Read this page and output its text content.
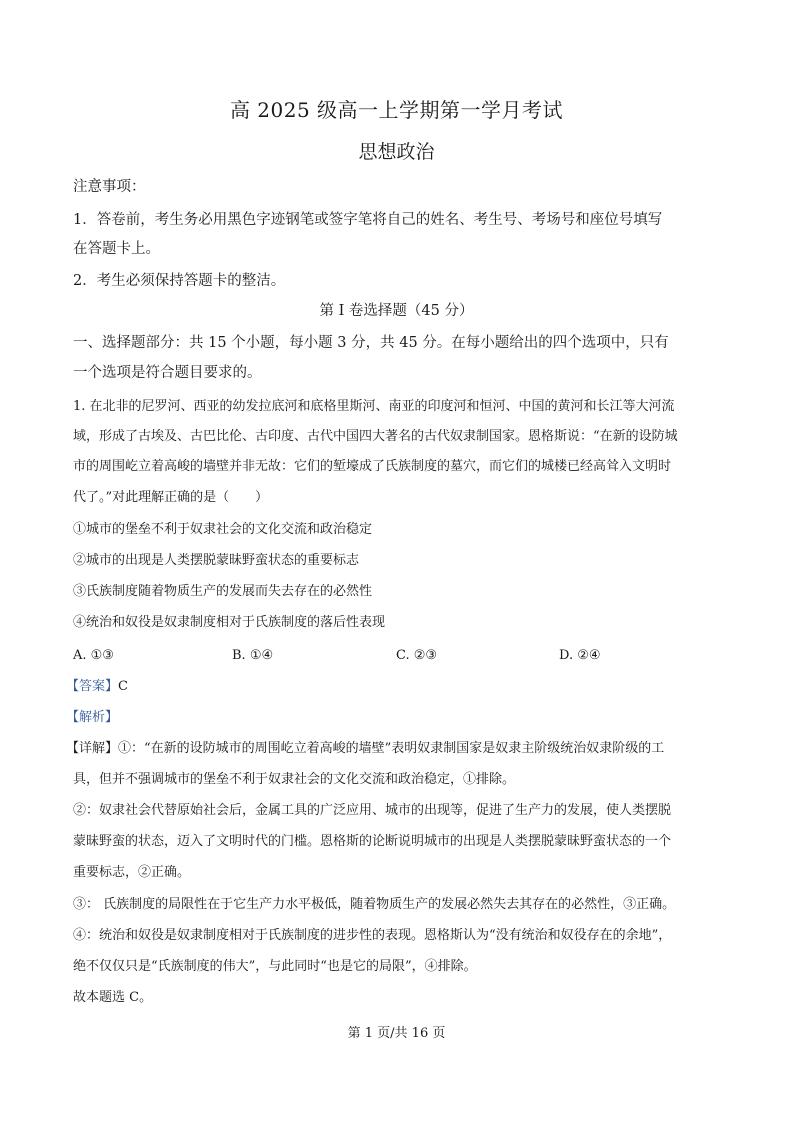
高 2025 级高一上学期第一学月考试
思想政治
注意事项：
1．答卷前，考生务必用黑色字迹钢笔或签字笔将自己的姓名、考生号、考场号和座位号填写
在答题卡上。
2．考生必须保持答题卡的整洁。
第 I 卷选择题（45 分）
一、选择题部分：共 15 个小题，每小题 3 分，共 45 分。在每小题给出的四个选项中，只有
一个选项是符合题目要求的。
1. 在北非的尼罗河、西亚的幼发拉底河和底格里斯河、南亚的印度河和恒河、中国的黄河和长江等大河流
域，形成了古埃及、古巴比伦、古印度、古代中国四大著名的古代奴隶制国家。恩格斯说：“在新的设防城
市的周围屹立着高峻的墙壁并非无故：它们的堑壕成了氏族制度的墓穴，而它们的城楼已经高耸入文明时
代了。”对此理解正确的是（　　）
①城市的堡垒不利于奴隶社会的文化交流和政治稳定
②城市的出现是人类摆脱蒙昧野蛮状态的重要标志
③氏族制度随着物质生产的发展而失去存在的必然性
④统治和奴役是奴隶制度相对于氏族制度的落后性表现
A. ①③	B. ①④	C. ②③	D. ②④
【答案】C
【解析】
【详解】①：“在新的设防城市的周围屹立着高峻的墙壁”表明奴隶制国家是奴隶主阶级统治奴隶阶级的工
具，但并不强调城市的堡垒不利于奴隶社会的文化交流和政治稳定，①排除。
②：奴隶社会代替原始社会后，金属工具的广泛应用、城市的出现等，促进了生产力的发展，使人类摆脱
蒙昧野蛮的状态，迈入了文明时代的门槛。恩格斯的论断说明城市的出现是人类摆脱蒙昧野蛮状态的一个
重要标志，②正确。
③： 氏族制度的局限性在于它生产力水平极低，随着物质生产的发展必然失去其存在的必然性，③正确。
④：统治和奴役是奴隶制度相对于氏族制度的进步性的表现。恩格斯认为“没有统治和奴役存在的余地”，
绝不仅仅只是“氏族制度的伟大”，与此同时“也是它的局限”，④排除。
故本题选 C。
第 1 页/共 16 页
